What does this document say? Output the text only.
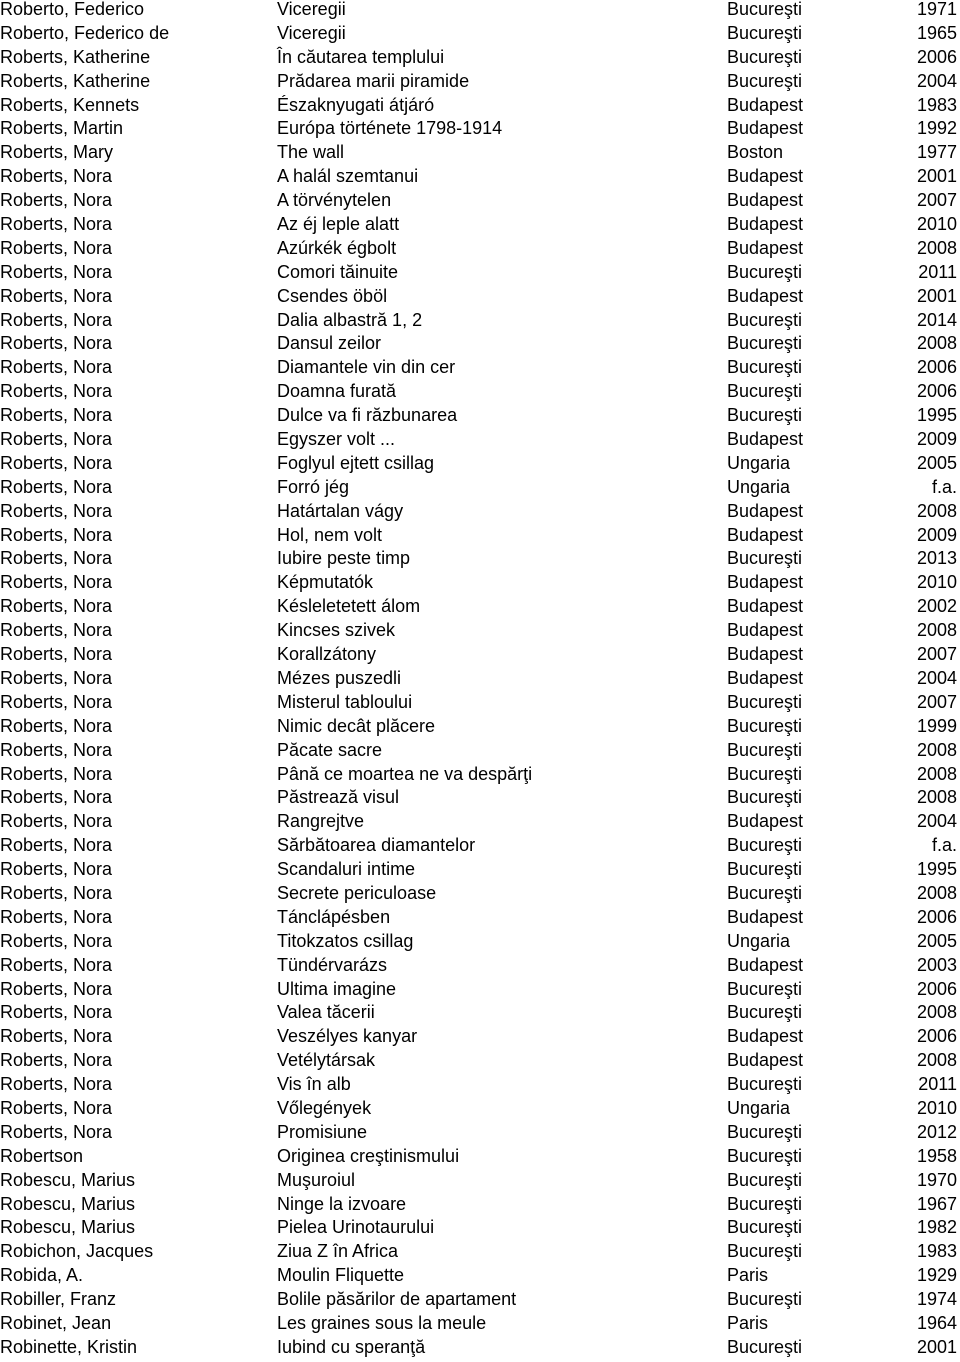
Roberto, Federico	Viceregii	Bucureşti	1971
Roberto, Federico de	Viceregii	Bucureşti	1965
Roberts, Katherine	În căutarea templului	Bucureşti	2006
Roberts, Katherine	Prădarea marii piramide	Bucureşti	2004
Roberts, Kennets	Északnyugati átjáró	Budapest	1983
Roberts, Martin	Európa története 1798-1914	Budapest	1992
Roberts, Mary	The wall	Boston	1977
Roberts, Nora	A halál szemtanui	Budapest	2001
Roberts, Nora	A törvénytelen	Budapest	2007
Roberts, Nora	Az éj leple alatt	Budapest	2010
Roberts, Nora	Azúrkék égbolt	Budapest	2008
Roberts, Nora	Comori tăinuite	Bucureşti	2011
Roberts, Nora	Csendes öböl	Budapest	2001
Roberts, Nora	Dalia albastră 1, 2	Bucureşti	2014
Roberts, Nora	Dansul zeilor	Bucureşti	2008
Roberts, Nora	Diamantele vin din cer	Bucureşti	2006
Roberts, Nora	Doamna furată	Bucureşti	2006
Roberts, Nora	Dulce va fi răzbunarea	Bucureşti	1995
Roberts, Nora	Egyszer volt ...	Budapest	2009
Roberts, Nora	Foglyul ejtett csillag	Ungaria	2005
Roberts, Nora	Forró jég	Ungaria	f.a.
Roberts, Nora	Határtalan vágy	Budapest	2008
Roberts, Nora	Hol, nem volt	Budapest	2009
Roberts, Nora	Iubire peste timp	Bucureşti	2013
Roberts, Nora	Képmutatók	Budapest	2010
Roberts, Nora	Késleletetett álom	Budapest	2002
Roberts, Nora	Kincses szivek	Budapest	2008
Roberts, Nora	Korallzátony	Budapest	2007
Roberts, Nora	Mézes puszedli	Budapest	2004
Roberts, Nora	Misterul tabloului	Bucureşti	2007
Roberts, Nora	Nimic decât plăcere	Bucureşti	1999
Roberts, Nora	Păcate sacre	Bucureşti	2008
Roberts, Nora	Până ce moartea ne va despărţi	Bucureşti	2008
Roberts, Nora	Păstrează visul	Bucureşti	2008
Roberts, Nora	Rangrejtve	Budapest	2004
Roberts, Nora	Sărbătoarea diamantelor	Bucureşti	f.a.
Roberts, Nora	Scandaluri intime	Bucureşti	1995
Roberts, Nora	Secrete periculoase	Bucureşti	2008
Roberts, Nora	Táncláрésben	Budapest	2006
Roberts, Nora	Titokzatos csillag	Ungaria	2005
Roberts, Nora	Tündérvarázs	Budapest	2003
Roberts, Nora	Ultima imagine	Bucureşti	2006
Roberts, Nora	Valea tăcerii	Bucureşti	2008
Roberts, Nora	Veszélyes kanyar	Budapest	2006
Roberts, Nora	Vetélytársak	Budapest	2008
Roberts, Nora	Vis în alb	Bucureşti	2011
Roberts, Nora	Vőlegények	Ungaria	2010
Roberts, Nora	Promisiune	Bucureşti	2012
Robertson	Originea creştinismului	Bucureşti	1958
Robescu, Marius	Muşuroiul	Bucureşti	1970
Robescu, Marius	Ninge la izvoare	Bucureşti	1967
Robescu, Marius	Pielea Urinotaurului	Bucureşti	1982
Robichon, Jacques	Ziua Z în Africa	Bucureşti	1983
Robida, A.	Moulin Fliquette	Paris	1929
Robiller, Franz	Bolile păsărilor de apartament	Bucureşti	1974
Robinet, Jean	Les graines sous la meule	Paris	1964
Robinette, Kristin	Iubind cu speranţă	Bucureşti	2001
